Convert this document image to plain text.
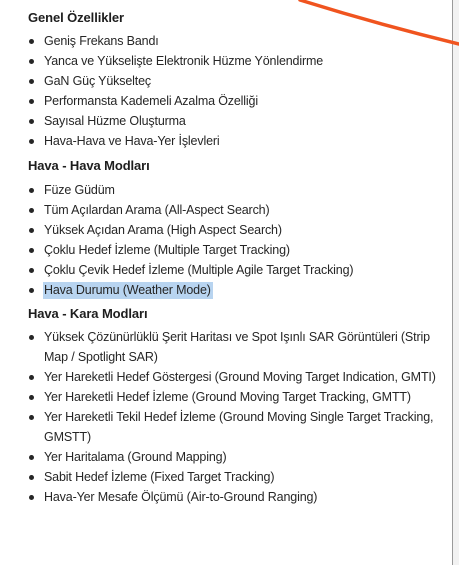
Genel Özellikler
Geniş Frekans Bandı
Yanca ve Yükselişte Elektronik Hüzme Yönlendirme
GaN Güç Yükselteç
Performansta Kademeli Azalma Özelliği
Sayısal Hüzme Oluşturma
Hava-Hava ve Hava-Yer İşlevleri
Hava - Hava Modları
Füze Güdüm
Tüm Açılardan Arama (All-Aspect Search)
Yüksek Açıdan Arama (High Aspect Search)
Çoklu Hedef İzleme (Multiple Target Tracking)
Çoklu Çevik Hedef İzleme (Multiple Agile Target Tracking)
Hava Durumu (Weather Mode)
Hava - Kara Modları
Yüksek Çözünürlüklü Şerit Haritası ve Spot Işınlı SAR Görüntüleri (Strip Map / Spotlight SAR)
Yer Hareketli Hedef Göstergesi (Ground Moving Target Indication, GMTI)
Yer Hareketli Hedef İzleme (Ground Moving Target Tracking, GMTT)
Yer Hareketli Tekil Hedef İzleme (Ground Moving Single Target Tracking, GMSTT)
Yer Haritalama (Ground Mapping)
Sabit Hedef İzleme (Fixed Target Tracking)
Hava-Yer Mesafe Ölçümü (Air-to-Ground Ranging)
